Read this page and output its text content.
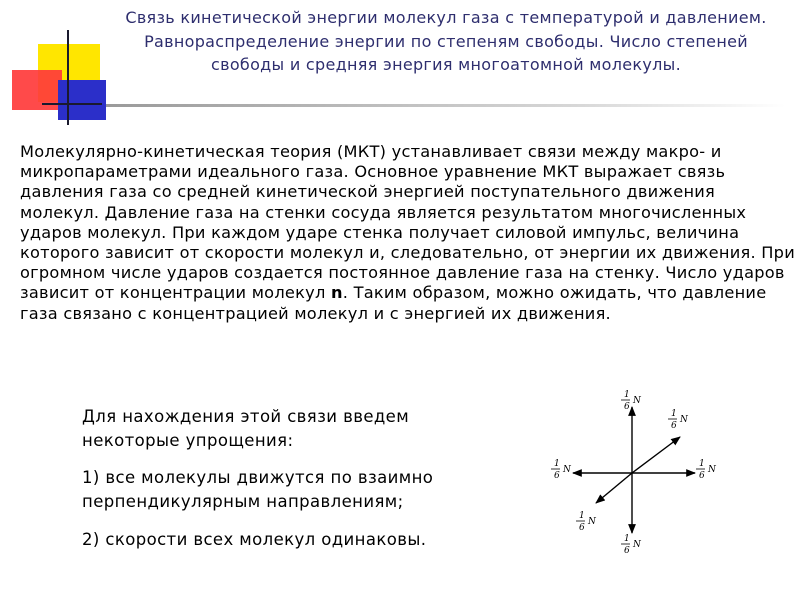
Связь кинетической энергии молекул газа с температурой и давлением. Равнораспределение энергии по степеням свободы. Число степеней свободы и средняя энергия многоатомной молекулы.

Молекулярно-кинетическая теория (МКТ) устанавливает связи между макро- и микропараметрами идеального газа. Основное уравнение МКТ выражает связь давления газа со средней кинетической энергией поступательного движения молекул. Давление газа на стенки сосуда является результатом многочисленных ударов молекул. При каждом ударе стенка получает силовой импульс, величина которого зависит от скорости молекул и, следовательно, от энергии их движения. При огромном числе ударов создается постоянное давление газа на стенку. Число ударов зависит от концентрации молекул n. Таким образом, можно ожидать, что давление газа связано с концентрацией молекул и с энергией их движения.

Для нахождения этой связи введем некоторые упрощения:

1) все молекулы движутся по взаимно перпендикулярным направлениям;

2) скорости всех молекул одинаковы.

1
6
N
1
6
N
1
6
N
1
6
N
1
6
N
1
6
N
